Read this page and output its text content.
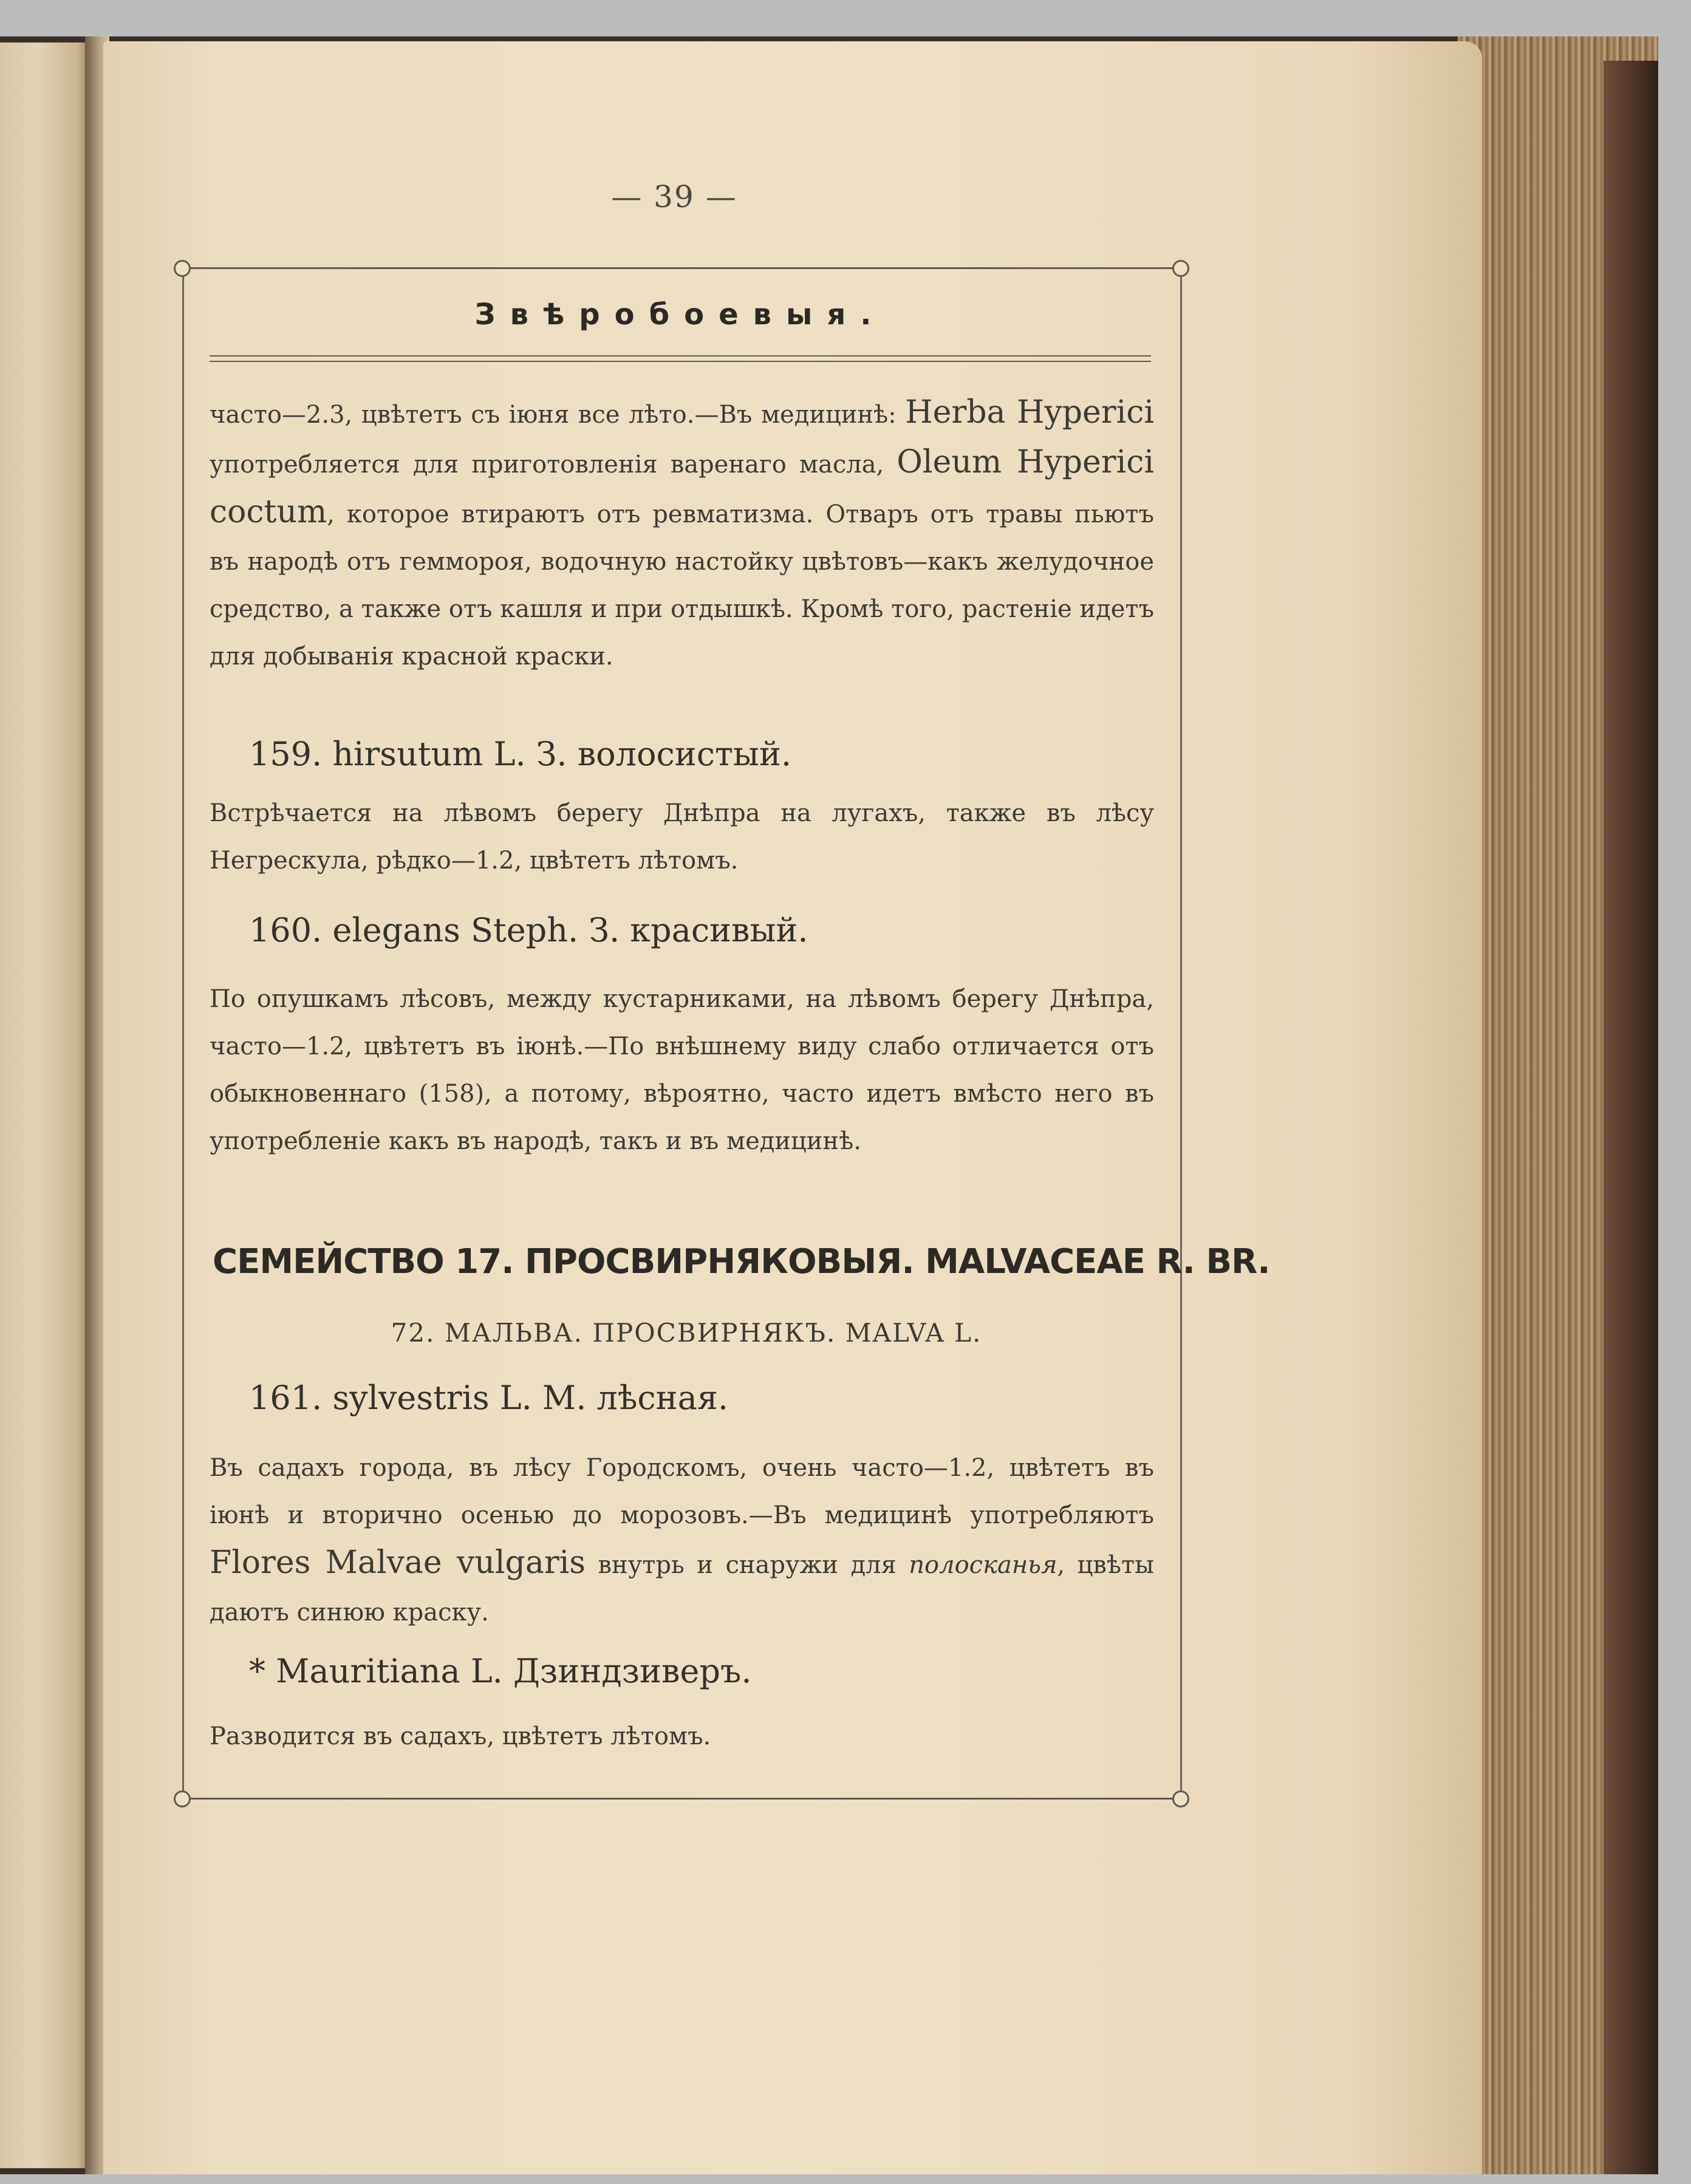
— 39 —
Звѣробоевыя.
часто—2.3, цвѣтетъ съ іюня все лѣто.—Въ медицинѣ: Herba Hyperici употребляется для приготовленія варенаго масла, Oleum Hyperici coctum, которое втираютъ отъ ревматизма. Отваръ отъ травы пьютъ въ народѣ отъ геммороя, водочную настойку цвѣтовъ—какъ желудочное средство, а также отъ кашля и при отдышкѣ. Кромѣ того, растеніе идетъ для добыванія красной краски.
159. hirsutum L. З. волосистый.
Встрѣчается на лѣвомъ берегу Днѣпра на лугахъ, также въ лѣсу Негрескула, рѣдко—1.2, цвѣтетъ лѣтомъ.
160. elegans Steph. З. красивый.
По опушкамъ лѣсовъ, между кустарниками, на лѣвомъ берегу Днѣпра, часто—1.2, цвѣтетъ въ іюнѣ.—По внѣшнему виду слабо отличается отъ обыкновеннаго (158), а потому, вѣроятно, часто идетъ вмѣсто него въ употребленіе какъ въ народѣ, такъ и въ медицинѣ.
СЕМЕЙСТВО 17. ПРОСВИРНЯКОВЫЯ. MALVACEAE R. BR.
72. МАЛЬВА. ПРОСВИРНЯКЪ. MALVA L.
161. sylvestris L. M. лѣсная.
Въ садахъ города, въ лѣсу Городскомъ, очень часто—1.2, цвѣтетъ въ іюнѣ и вторично осенью до морозовъ.—Въ медицинѣ употребляютъ Flores Malvae vulgaris внутрь и снаружи для полосканья, цвѣты даютъ синюю краску.
* Mauritiana L. Дзиндзиверъ.
Разводится въ садахъ, цвѣтетъ лѣтомъ.
